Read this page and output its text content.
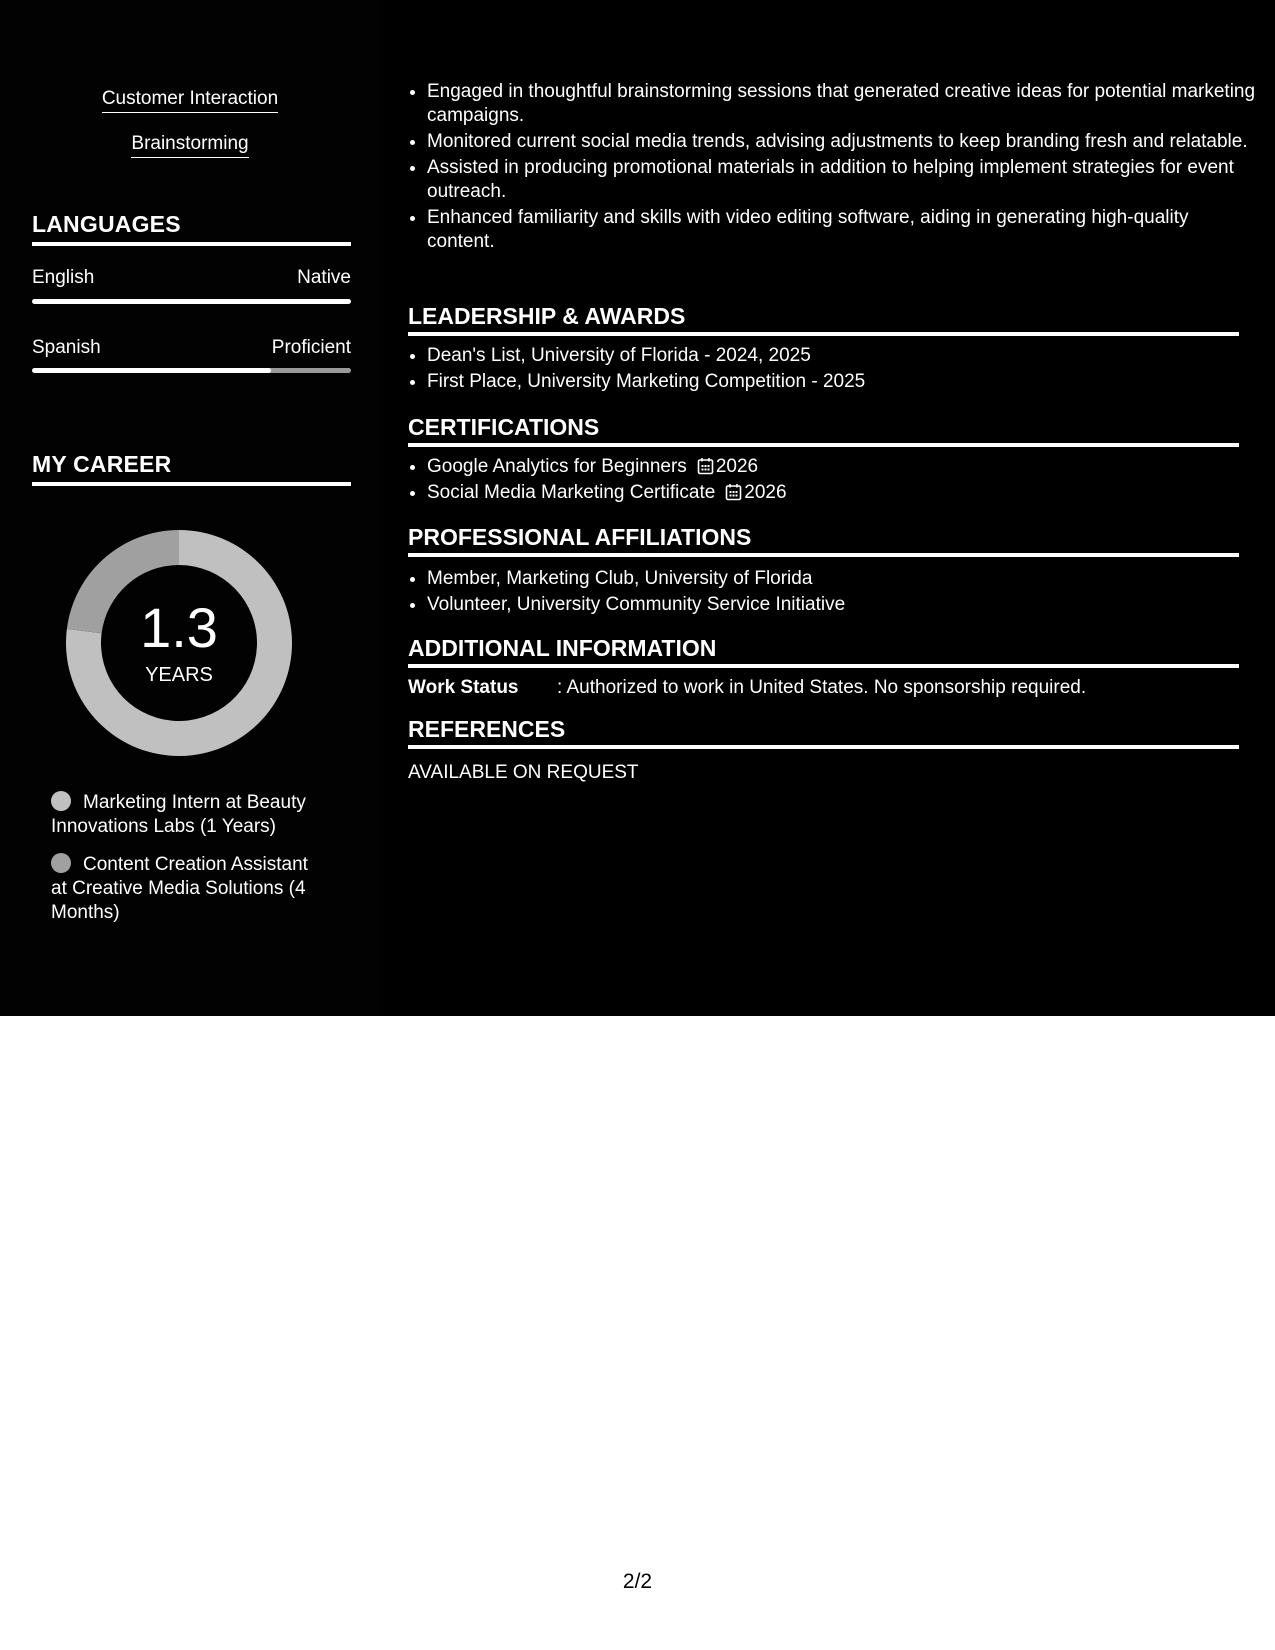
Customer Interaction
Brainstorming
LANGUAGES
English	Native
Spanish	Proficient
MY CAREER
1.3
YEARS
Marketing Intern at Beauty Innovations Labs (1 Years)
Content Creation Assistant at Creative Media Solutions (4 Months)
• Engaged in thoughtful brainstorming sessions that generated creative ideas for potential marketing campaigns.
• Monitored current social media trends, advising adjustments to keep branding fresh and relatable.
• Assisted in producing promotional materials in addition to helping implement strategies for event outreach.
• Enhanced familiarity and skills with video editing software, aiding in generating high-quality content.
LEADERSHIP & AWARDS
• Dean's List, University of Florida - 2024, 2025
• First Place, University Marketing Competition - 2025
CERTIFICATIONS
• Google Analytics for Beginners 2026
• Social Media Marketing Certificate 2026
PROFESSIONAL AFFILIATIONS
• Member, Marketing Club, University of Florida
• Volunteer, University Community Service Initiative
ADDITIONAL INFORMATION
Work Status : Authorized to work in United States. No sponsorship required.
REFERENCES
AVAILABLE ON REQUEST
2/2
